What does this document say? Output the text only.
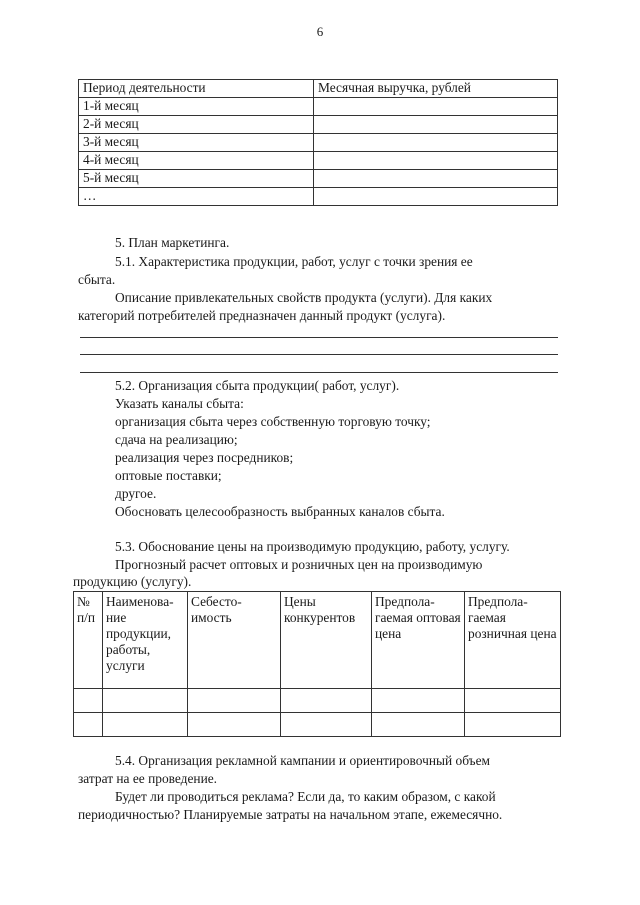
6
Период деятельности	Месячная выручка, рублей
1-й месяц	
2-й месяц	
3-й месяц	
4-й месяц	
5-й месяц	
…	
5. План маркетинга.
5.1. Характеристика продукции, работ, услуг с точки зрения ее
сбыта.
Описание привлекательных свойств продукта (услуги). Для каких
категорий потребителей предназначен данный продукт (услуга).
5.2. Организация сбыта продукции( работ, услуг).
Указать каналы сбыта:
организация сбыта через собственную торговую точку;
сдача на реализацию;
реализация через посредников;
оптовые поставки;
другое.
Обосновать целесообразность выбранных каналов сбыта.
5.3. Обоснование цены на производимую продукцию, работу, услугу.
Прогнозный расчет оптовых и розничных цен на производимую
продукцию (услугу).
№ п/п	Наименова-ние продукции, работы, услуги	Себесто-имость	Цены конкурентов	Предпола-гаемая оптовая цена	Предпола-гаемая розничная цена

5.4. Организация рекламной кампании и ориентировочный объем
затрат на ее проведение.
Будет ли проводиться реклама? Если да, то каким образом, с какой
периодичностью? Планируемые затраты на начальном этапе, ежемесячно.
